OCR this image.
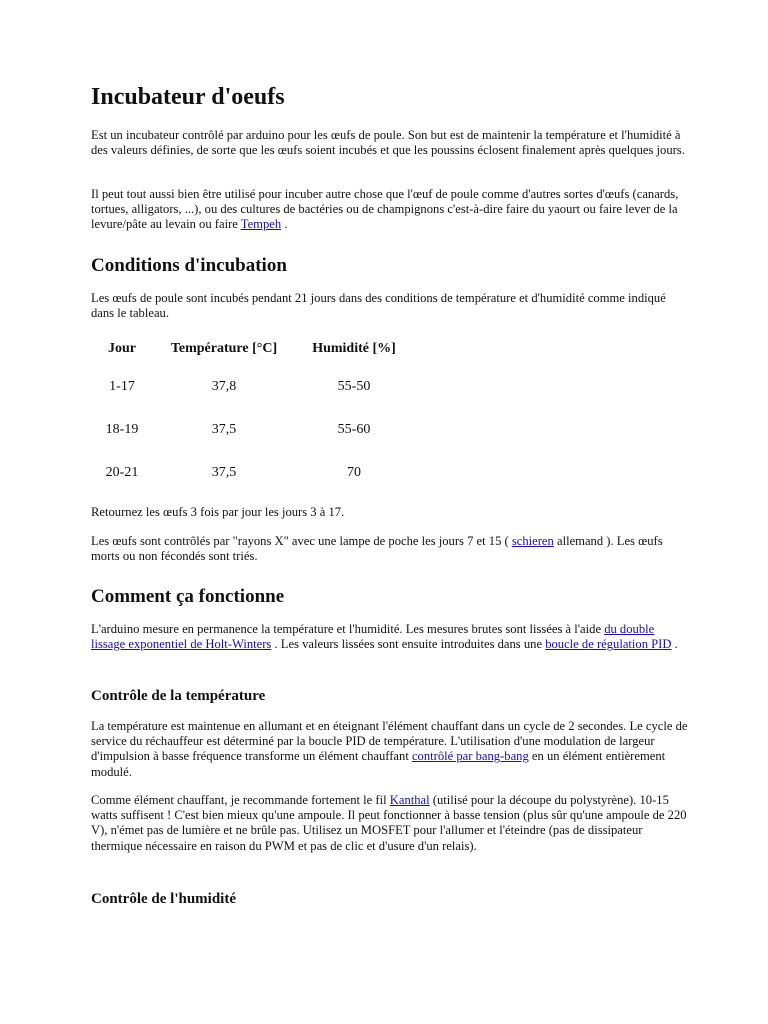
Incubateur d'oeufs

Est un incubateur contrôlé par arduino pour les œufs de poule. Son but est de maintenir la température et l'humidité à des valeurs définies, de sorte que les œufs soient incubés et que les poussins éclosent finalement après quelques jours.

Il peut tout aussi bien être utilisé pour incuber autre chose que l'œuf de poule comme d'autres sortes d'œufs (canards, tortues, alligators, ...), ou des cultures de bactéries ou de champignons c'est-à-dire faire du yaourt ou faire lever de la levure/pâte au levain ou faire Tempeh .

Conditions d'incubation

Les œufs de poule sont incubés pendant 21 jours dans des conditions de température et d'humidité comme indiqué dans le tableau.

Jour	Température [°C]	Humidité [%]
1-17	37,8	55-50
18-19	37,5	55-60
20-21	37,5	70

Retournez les œufs 3 fois par jour les jours 3 à 17.

Les œufs sont contrôlés par "rayons X" avec une lampe de poche les jours 7 et 15 ( schieren allemand ). Les œufs morts ou non fécondés sont triés.

Comment ça fonctionne

L'arduino mesure en permanence la température et l'humidité. Les mesures brutes sont lissées à l'aide du double lissage exponentiel de Holt-Winters . Les valeurs lissées sont ensuite introduites dans une boucle de régulation PID .

Contrôle de la température

La température est maintenue en allumant et en éteignant l'élément chauffant dans un cycle de 2 secondes. Le cycle de service du réchauffeur est déterminé par la boucle PID de température. L'utilisation d'une modulation de largeur d'impulsion à basse fréquence transforme un élément chauffant contrôlé par bang-bang en un élément entièrement modulé.

Comme élément chauffant, je recommande fortement le fil Kanthal (utilisé pour la découpe du polystyrène). 10-15 watts suffisent ! C'est bien mieux qu'une ampoule. Il peut fonctionner à basse tension (plus sûr qu'une ampoule de 220 V), n'émet pas de lumière et ne brûle pas. Utilisez un MOSFET pour l'allumer et l'éteindre (pas de dissipateur thermique nécessaire en raison du PWM et pas de clic et d'usure d'un relais).

Contrôle de l'humidité
